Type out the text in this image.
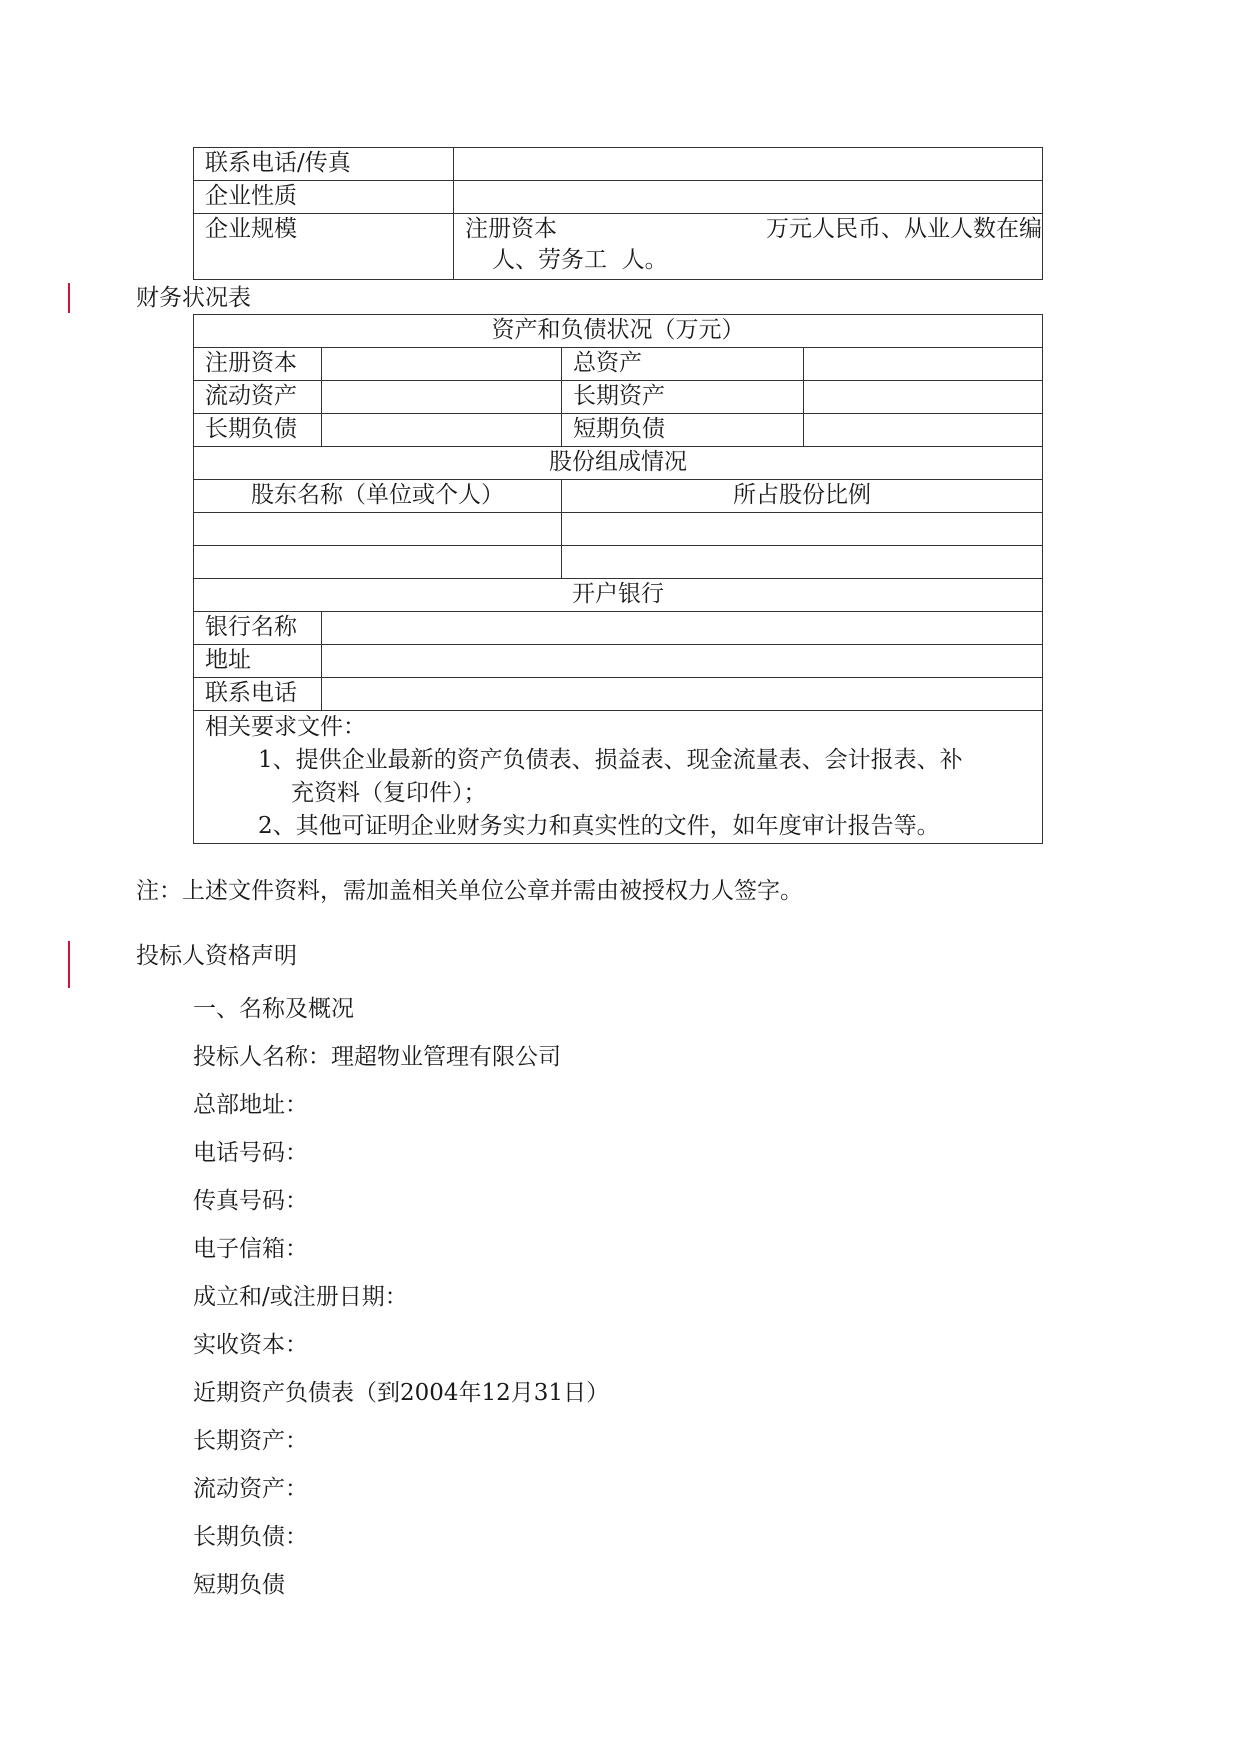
联系电话/传真	
企业性质	
企业规模	注册资本 万元人民币、从业人数在编
人、劳务工  人。
财务状况表
资产和负债状况（万元）			
注册资本		总资产	
流动资产		长期资产	
长期负债		短期负债	
股份组成情况			
股东名称（单位或个人）		所占股份比例	

开户银行			
银行名称			
地址			
联系电话			

相关要求文件：

1、提供企业最新的资产负债表、损益表、现金流量表、会计报表、补

充资料（复印件）；

2、其他可证明企业财务实力和真实性的文件，如年度审计报告等。			

注：上述文件资料，需加盖相关单位公章并需由被授权力人签字。
投标人资格声明
一、名称及概况
投标人名称：理超物业管理有限公司
总部地址：
电话号码：
传真号码：
电子信箱：
成立和/或注册日期：
实收资本：
近期资产负债表（到2004年12月31日）
长期资产：
流动资产：
长期负债：
短期负债
